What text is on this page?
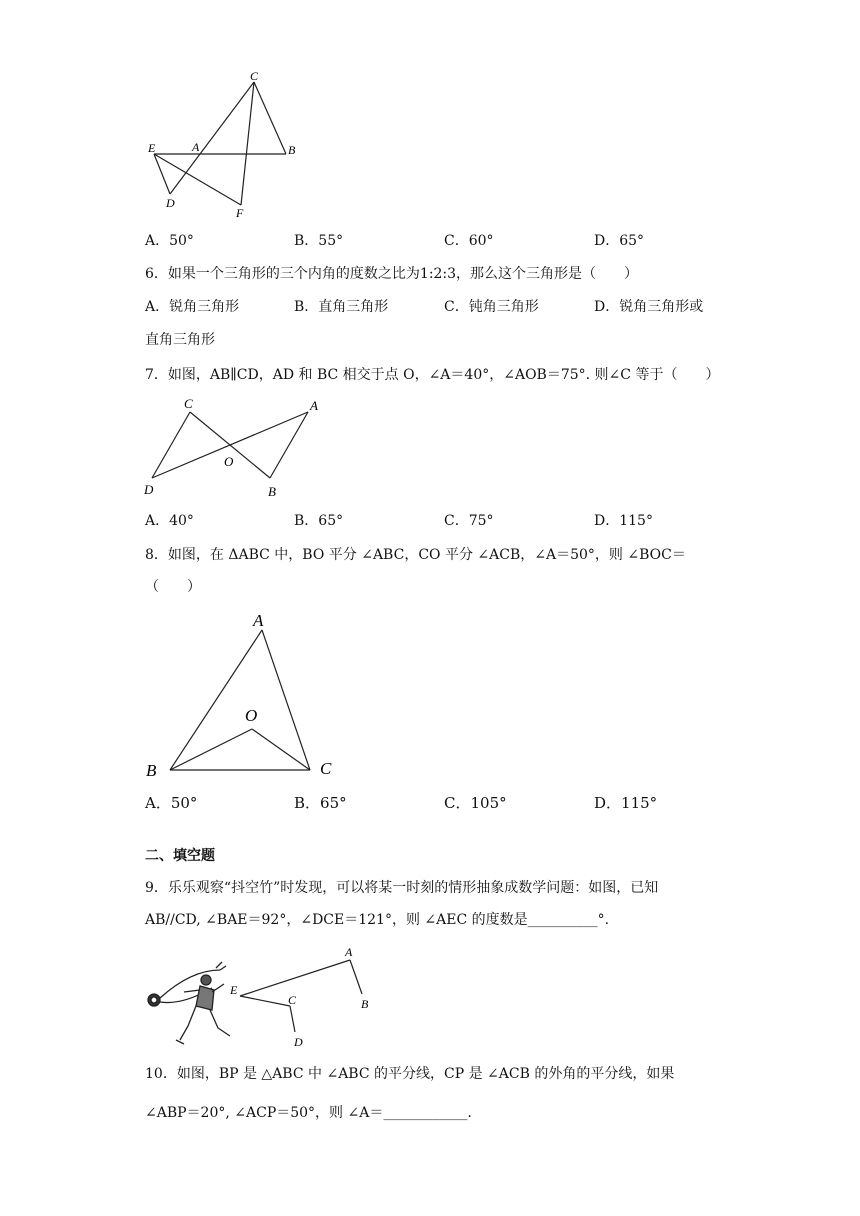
C
E	A	B
D
F
A．50°	B．55°	C．60°	D．65°
6．如果一个三角形的三个内角的度数之比为1:2:3，那么这个三角形是（　　）
A．锐角三角形	B．直角三角形	C．钝角三角形	D．锐角三角形或
直角三角形
7．如图，AB∥CD，AD 和 BC 相交于点 O，∠A＝40°，∠AOB＝75°. 则∠C 等于（　　）
C	A
O
D	B
A．40°	B．65°	C．75°	D．115°
8．如图，在 ΔABC 中，BO 平分 ∠ABC，CO 平分 ∠ACB，∠A＝50°，则 ∠BOC＝
（　　）
A
O
B	C
A．50°	B．65°	C．105°	D．115°
二、填空题
9．乐乐观察“抖空竹”时发现，可以将某一时刻的情形抽象成数学问题：如图，已知
AB//CD, ∠BAE＝92°，∠DCE＝121°，则 ∠AEC 的度数是__________°.
A
E
C	B
D
10．如图，BP 是 △ABC 中 ∠ABC 的平分线，CP 是 ∠ACB 的外角的平分线，如果
∠ABP＝20°, ∠ACP＝50°，则 ∠A＝____________.
